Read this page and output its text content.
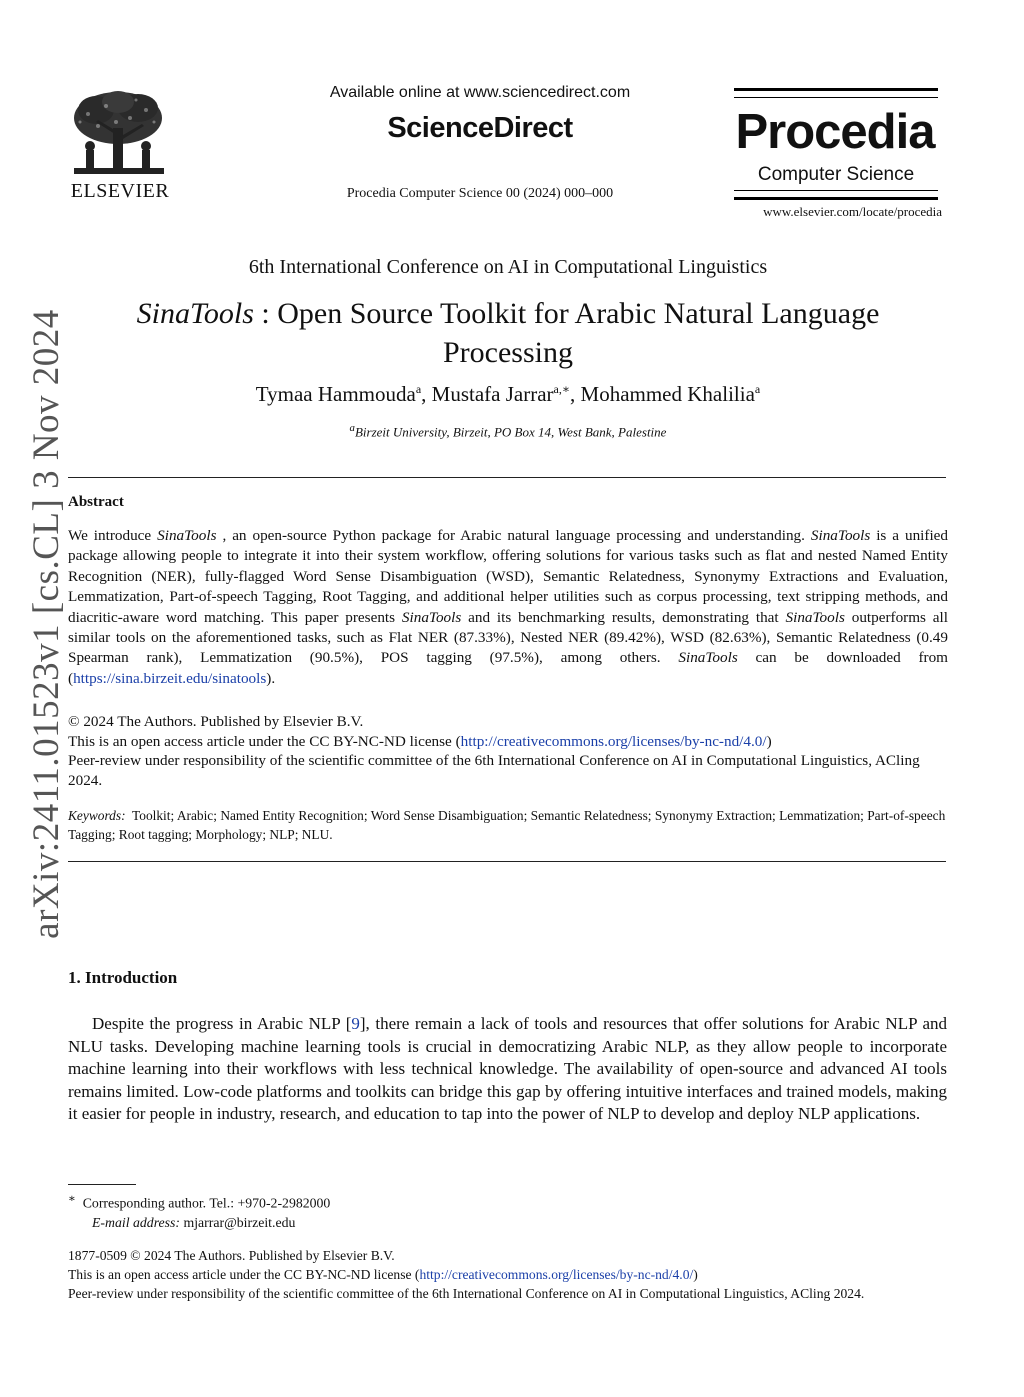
ELSEVIER
Available online at www.sciencedirect.com
ScienceDirect
Procedia Computer Science 00 (2024) 000–000
Procedia
Computer Science
www.elsevier.com/locate/procedia
arXiv:2411.01523v1 [cs.CL] 3 Nov 2024
6th International Conference on AI in Computational Linguistics
SinaTools : Open Source Toolkit for Arabic Natural Language Processing
Tymaa Hammouda$^a$, Mustafa Jarrar$^{a,∗}$, Mohammed Khalilia$^a$
$^a$Birzeit University, Birzeit, PO Box 14, West Bank, Palestine
Abstract
We introduce SinaTools , an open-source Python package for Arabic natural language processing and understanding. SinaTools is a unified package allowing people to integrate it into their system workflow, offering solutions for various tasks such as flat and nested Named Entity Recognition (NER), fully-flagged Word Sense Disambiguation (WSD), Semantic Relatedness, Synonymy Extractions and Evaluation, Lemmatization, Part-of-speech Tagging, Root Tagging, and additional helper utilities such as corpus processing, text stripping methods, and diacritic-aware word matching. This paper presents SinaTools and its benchmarking results, demonstrating that SinaTools outperforms all similar tools on the aforementioned tasks, such as Flat NER (87.33%), Nested NER (89.42%), WSD (82.63%), Semantic Relatedness (0.49 Spearman rank), Lemmatization (90.5%), POS tagging (97.5%), among others. SinaTools can be downloaded from (https://sina.birzeit.edu/sinatools).
© 2024 The Authors. Published by Elsevier B.V.
This is an open access article under the CC BY-NC-ND license (http://creativecommons.org/licenses/by-nc-nd/4.0/)
Peer-review under responsibility of the scientific committee of the 6th International Conference on AI in Computational Linguistics, ACling 2024.
Keywords: Toolkit; Arabic; Named Entity Recognition; Word Sense Disambiguation; Semantic Relatedness; Synonymy Extraction; Lemmatization; Part-of-speech Tagging; Root tagging; Morphology; NLP; NLU.
1. Introduction
Despite the progress in Arabic NLP [9], there remain a lack of tools and resources that offer solutions for Arabic NLP and NLU tasks. Developing machine learning tools is crucial in democratizing Arabic NLP, as they allow people to incorporate machine learning into their workflows with less technical knowledge. The availability of open-source and advanced AI tools remains limited. Low-code platforms and toolkits can bridge this gap by offering intuitive interfaces and trained models, making it easier for people in industry, research, and education to tap into the power of NLP to develop and deploy NLP applications.
∗ Corresponding author. Tel.: +970-2-2982000
E-mail address: mjarrar@birzeit.edu
1877-0509 © 2024 The Authors. Published by Elsevier B.V.
This is an open access article under the CC BY-NC-ND license (http://creativecommons.org/licenses/by-nc-nd/4.0/)
Peer-review under responsibility of the scientific committee of the 6th International Conference on AI in Computational Linguistics, ACling 2024.
